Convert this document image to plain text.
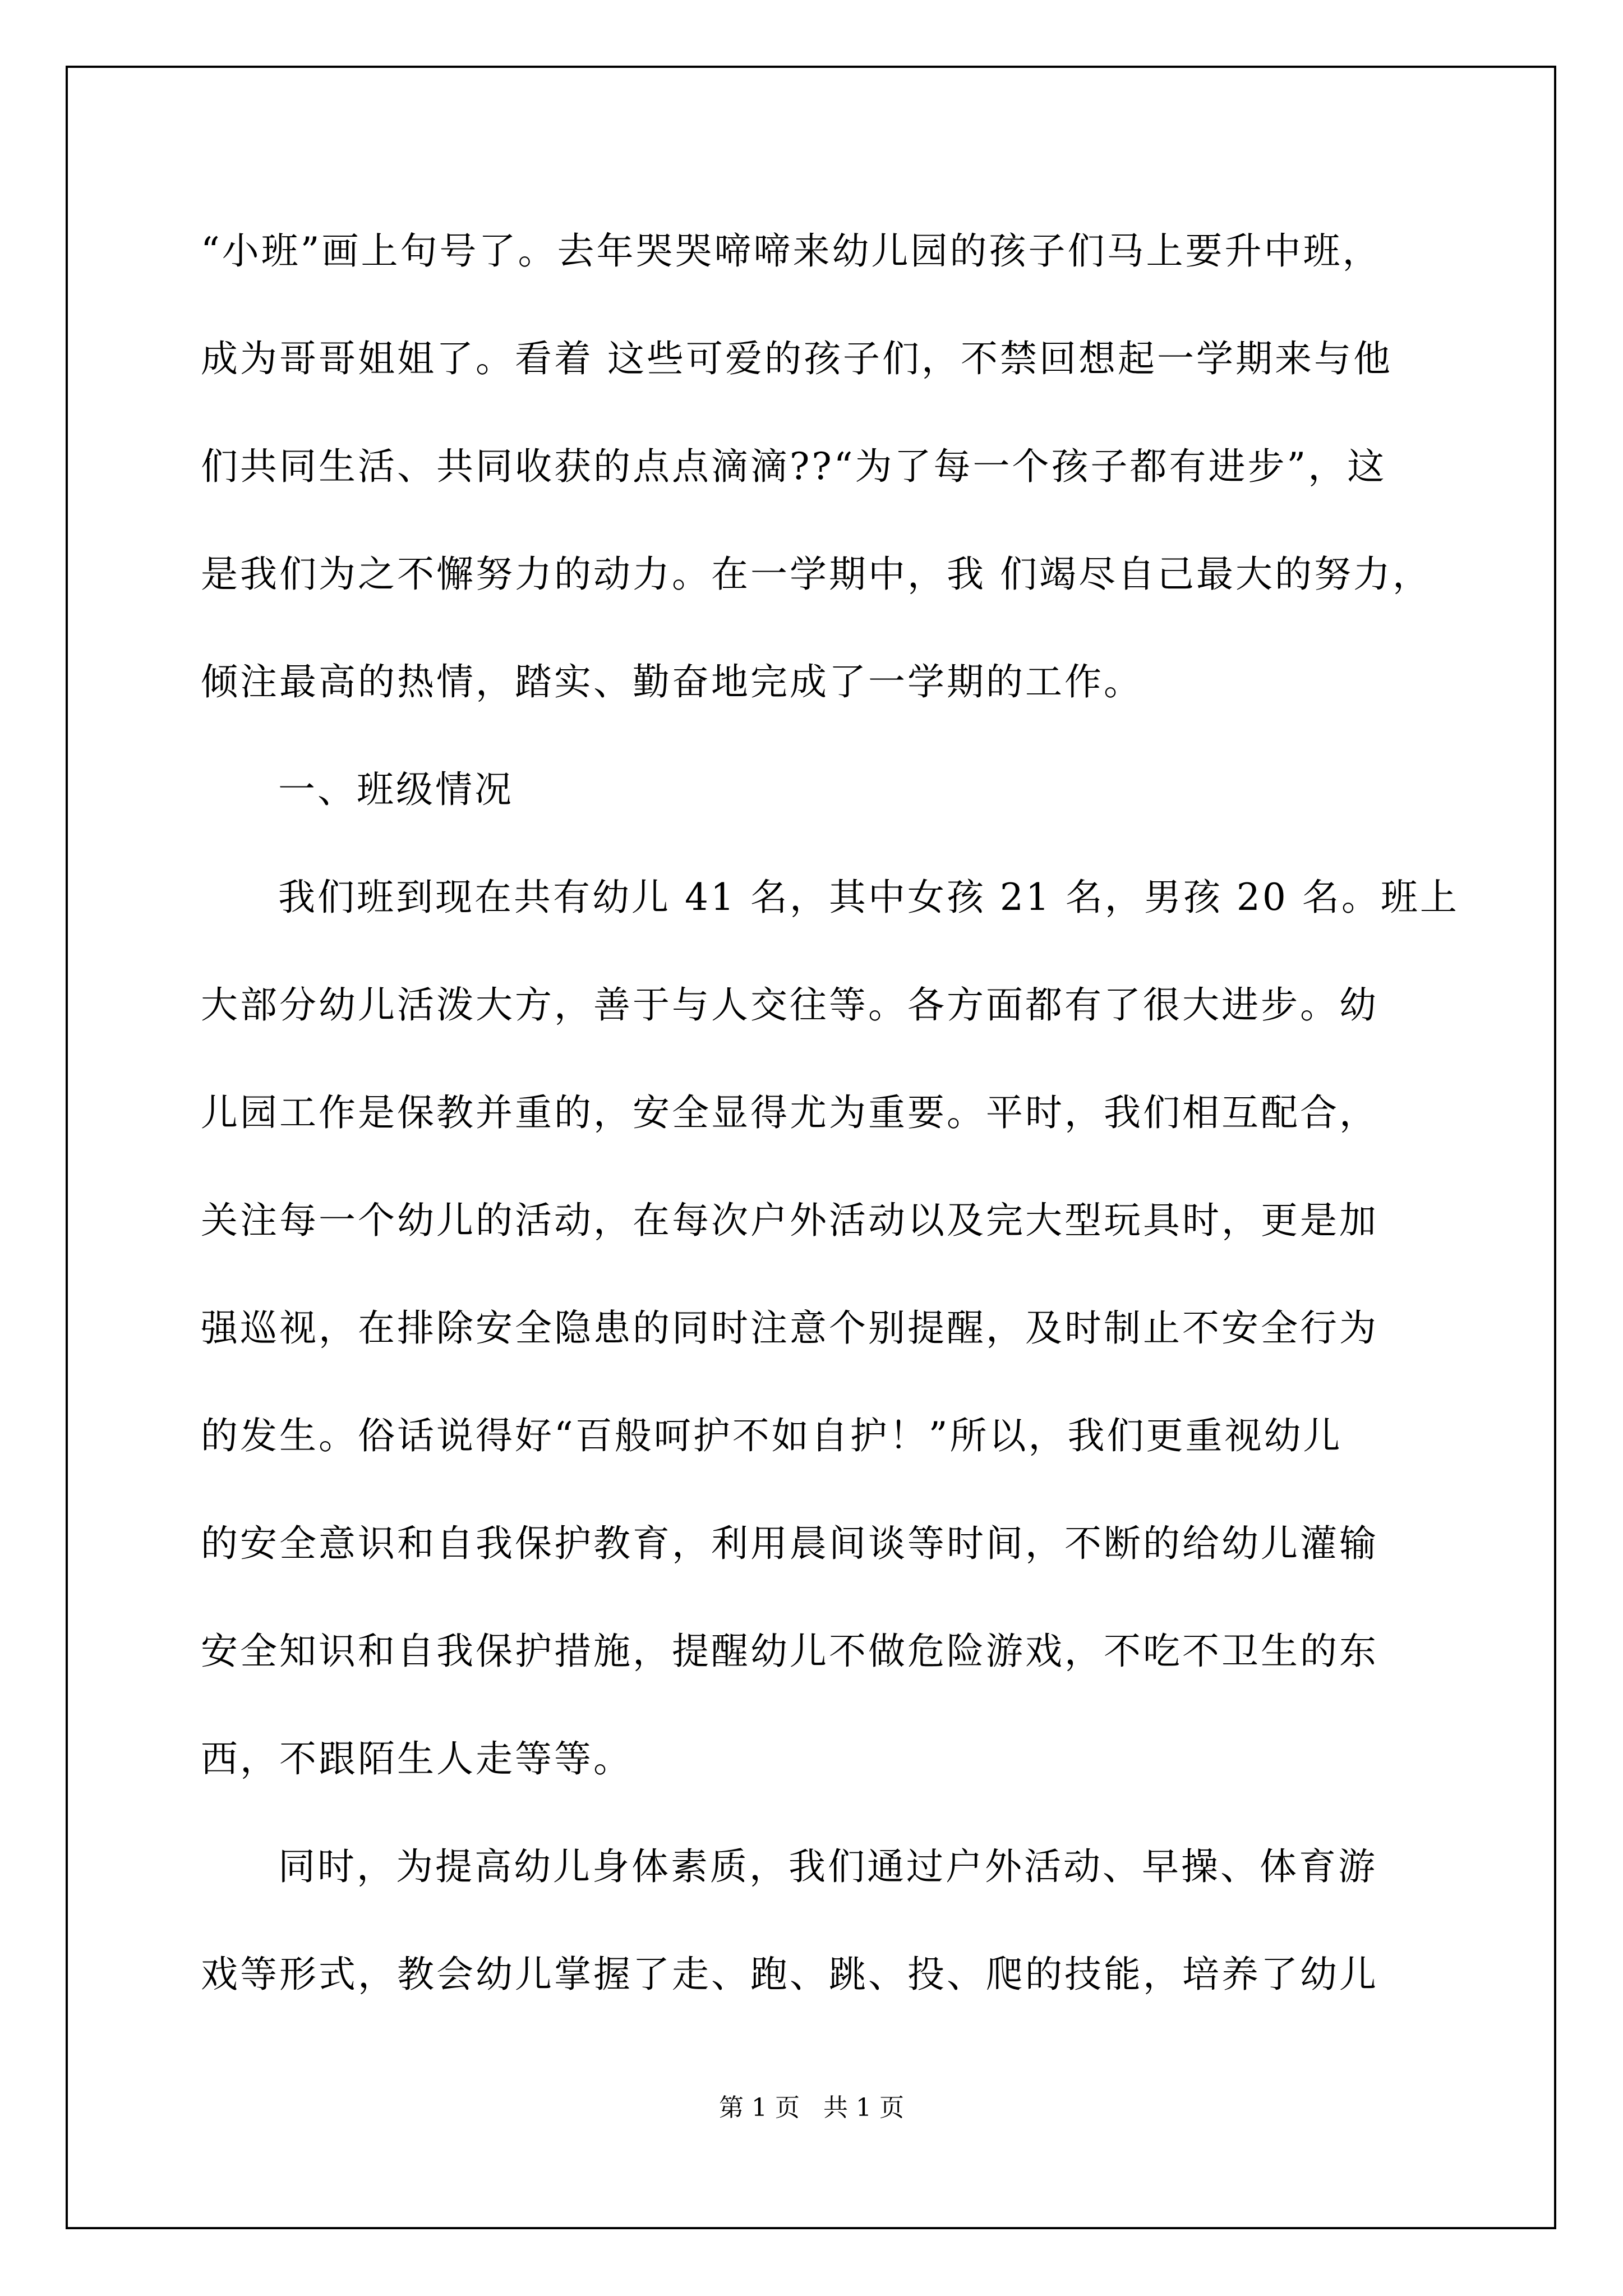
“小班”画上句号了。去年哭哭啼啼来幼儿园的孩子们马上要升中班，
成为哥哥姐姐了。看着 这些可爱的孩子们，不禁回想起一学期来与他
们共同生活、共同收获的点点滴滴??“为了每一个孩子都有进步”，这
是我们为之不懈努力的动力。在一学期中，我 们竭尽自己最大的努力，
倾注最高的热情，踏实、勤奋地完成了一学期的工作。
一、班级情况
我们班到现在共有幼儿 41 名，其中女孩 21 名，男孩 20 名。班上
大部分幼儿活泼大方，善于与人交往等。各方面都有了很大进步。幼
儿园工作是保教并重的，安全显得尤为重要。平时，我们相互配合，
关注每一个幼儿的活动，在每次户外活动以及完大型玩具时，更是加
强巡视，在排除安全隐患的同时注意个别提醒，及时制止不安全行为
的发生。俗话说得好“百般呵护不如自护！”所以，我们更重视幼儿
的安全意识和自我保护教育，利用晨间谈等时间，不断的给幼儿灌输
安全知识和自我保护措施，提醒幼儿不做危险游戏，不吃不卫生的东
西，不跟陌生人走等等。
同时，为提高幼儿身体素质，我们通过户外活动、早操、体育游
戏等形式，教会幼儿掌握了走、跑、跳、投、爬的技能，培养了幼儿
第 1 页   共 1 页
